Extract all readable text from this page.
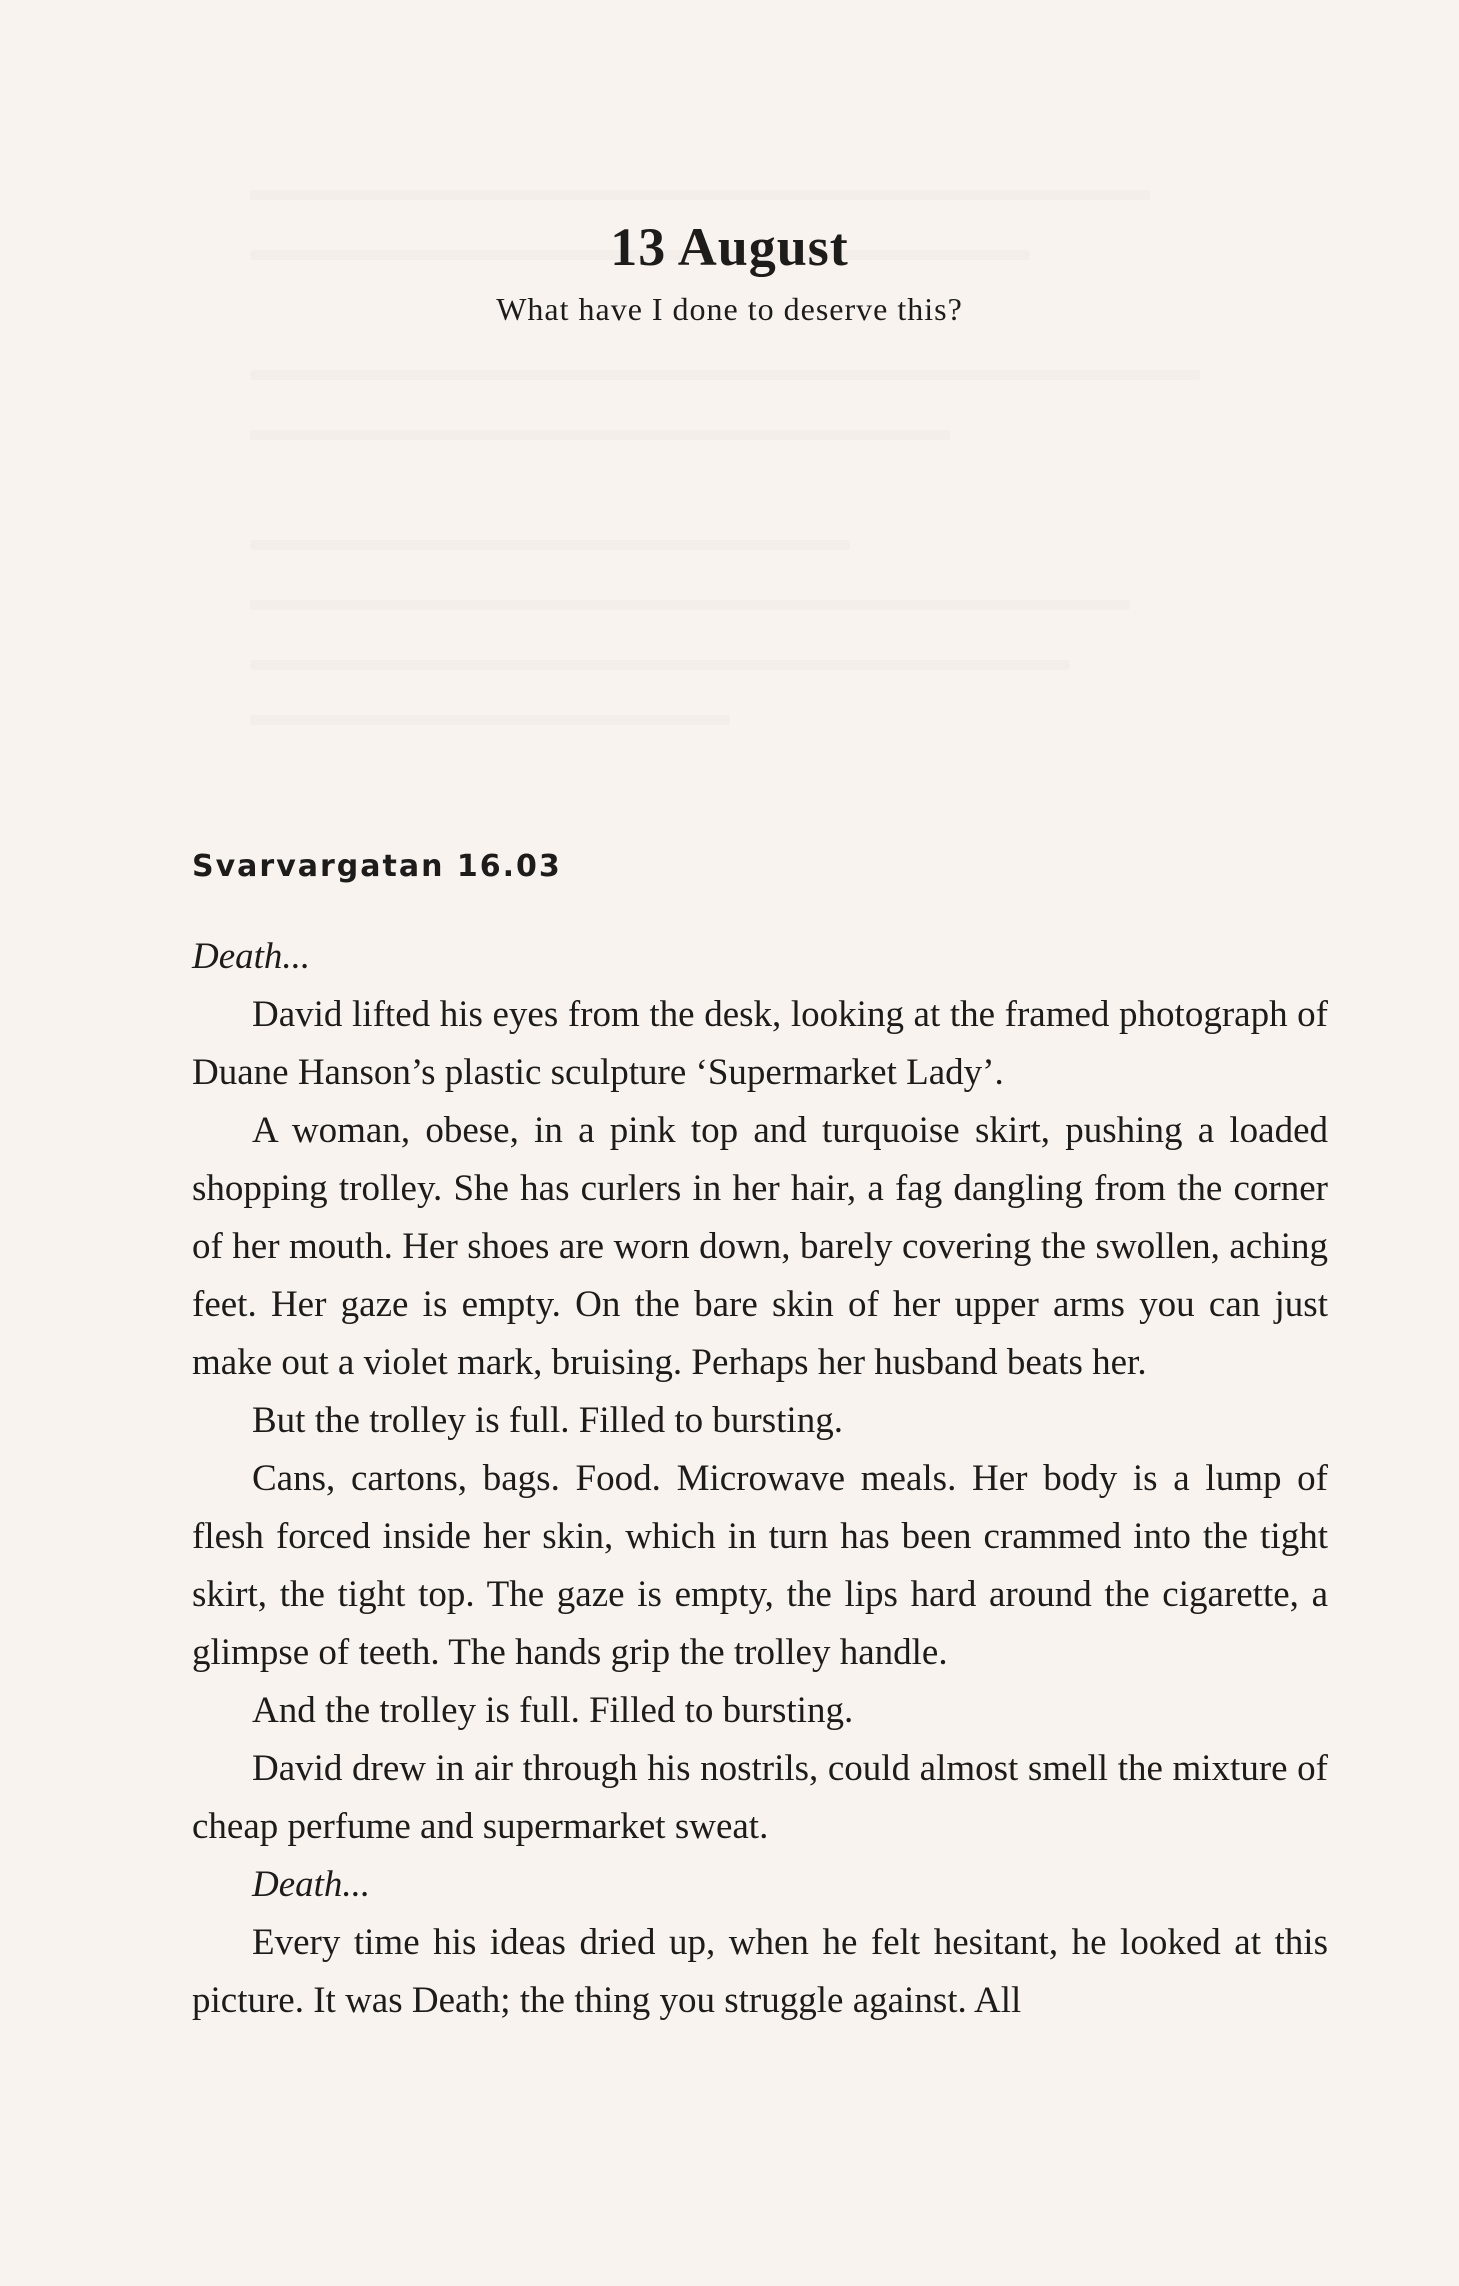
13 August
What have I done to deserve this?
Svarvargatan 16.03

Death...

David lifted his eyes from the desk, looking at the framed photograph of Duane Hanson’s plastic sculpture ‘Supermarket Lady’.

A woman, obese, in a pink top and turquoise skirt, pushing a loaded shopping trolley. She has curlers in her hair, a fag dangling from the corner of her mouth. Her shoes are worn down, barely covering the swollen, aching feet. Her gaze is empty. On the bare skin of her upper arms you can just make out a violet mark, bruising. Perhaps her husband beats her.

But the trolley is full. Filled to bursting.

Cans, cartons, bags. Food. Microwave meals. Her body is a lump of flesh forced inside her skin, which in turn has been crammed into the tight skirt, the tight top. The gaze is empty, the lips hard around the cigarette, a glimpse of teeth. The hands grip the trolley handle.

And the trolley is full. Filled to bursting.

David drew in air through his nostrils, could almost smell the mixture of cheap perfume and supermarket sweat.

Death...

Every time his ideas dried up, when he felt hesitant, he looked at this picture. It was Death; the thing you struggle against. All
